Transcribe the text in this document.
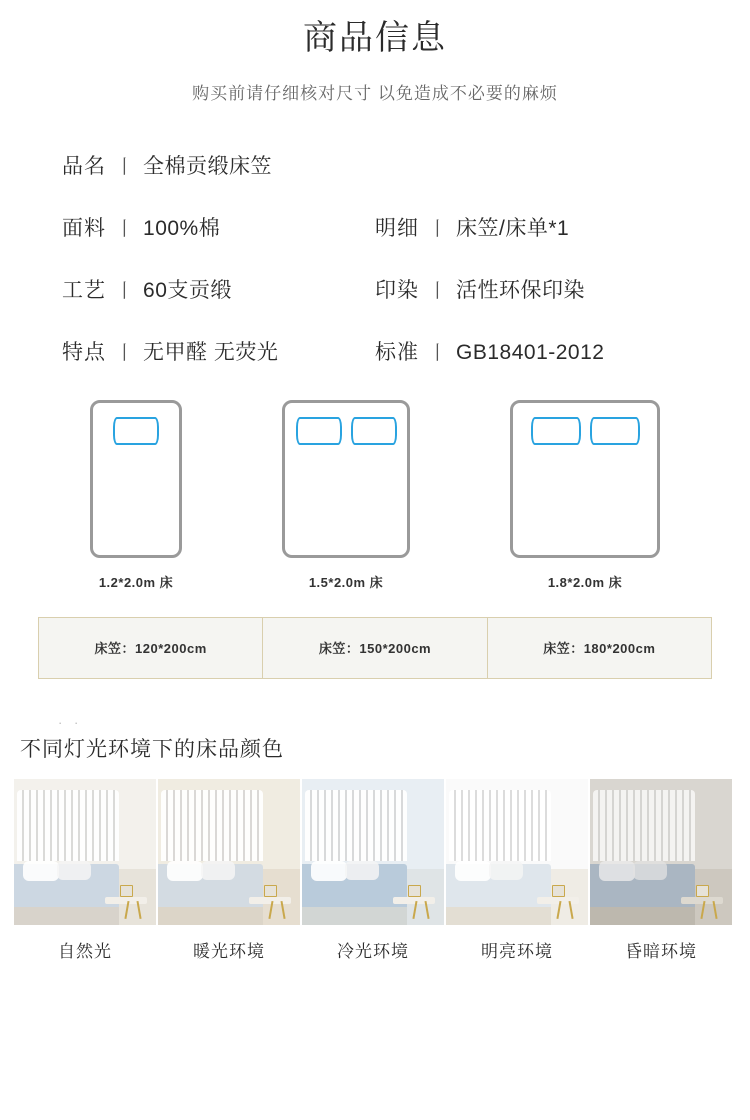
商品信息

购买前请仔细核对尺寸 以免造成不必要的麻烦

品名 丨 全棉贡缎床笠
面料 丨 100%棉	明细 丨 床笠/床单*1
工艺 丨 60支贡缎	印染 丨 活性环保印染
特点 丨 无甲醛 无荧光	标准 丨 GB18401-2012
1.2*2.0m 床	1.5*2.0m 床	1.8*2.0m 床
床笠：120*200cm	床笠：150*200cm	床笠：180*200cm
· ·
不同灯光环境下的床品颜色
自然光	暖光环境	冷光环境	明亮环境	昏暗环境
